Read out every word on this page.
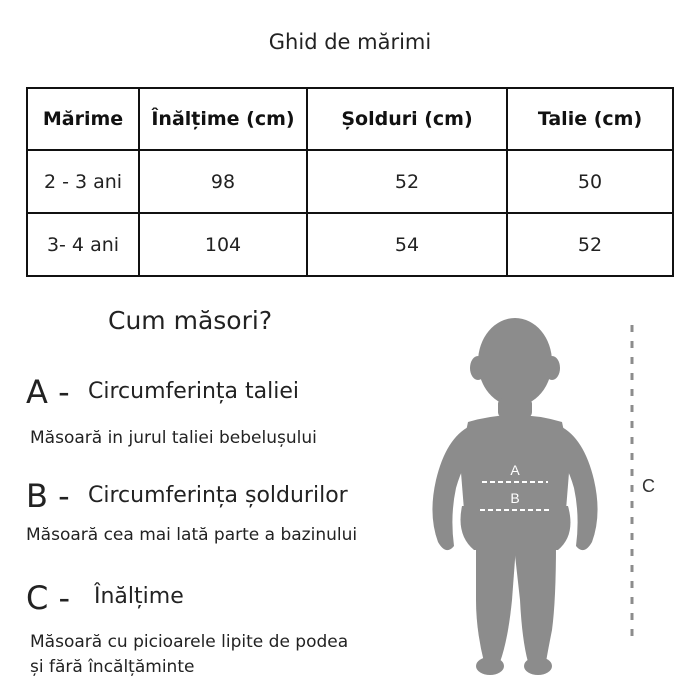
Ghid de mărimi
Mărime	Înălțime (cm)	Șolduri (cm)	Talie (cm)
2 - 3 ani	98	52	50
3- 4 ani	104	54	52
Cum măsori?
A - Circumferința taliei
Măsoară in jurul taliei bebelușului
B - Circumferința șoldurilor
Măsoară cea mai lată parte a bazinului
C - Înălțime
Măsoară cu picioarele lipite de podea
și fără încălțăminte
A
B
C
